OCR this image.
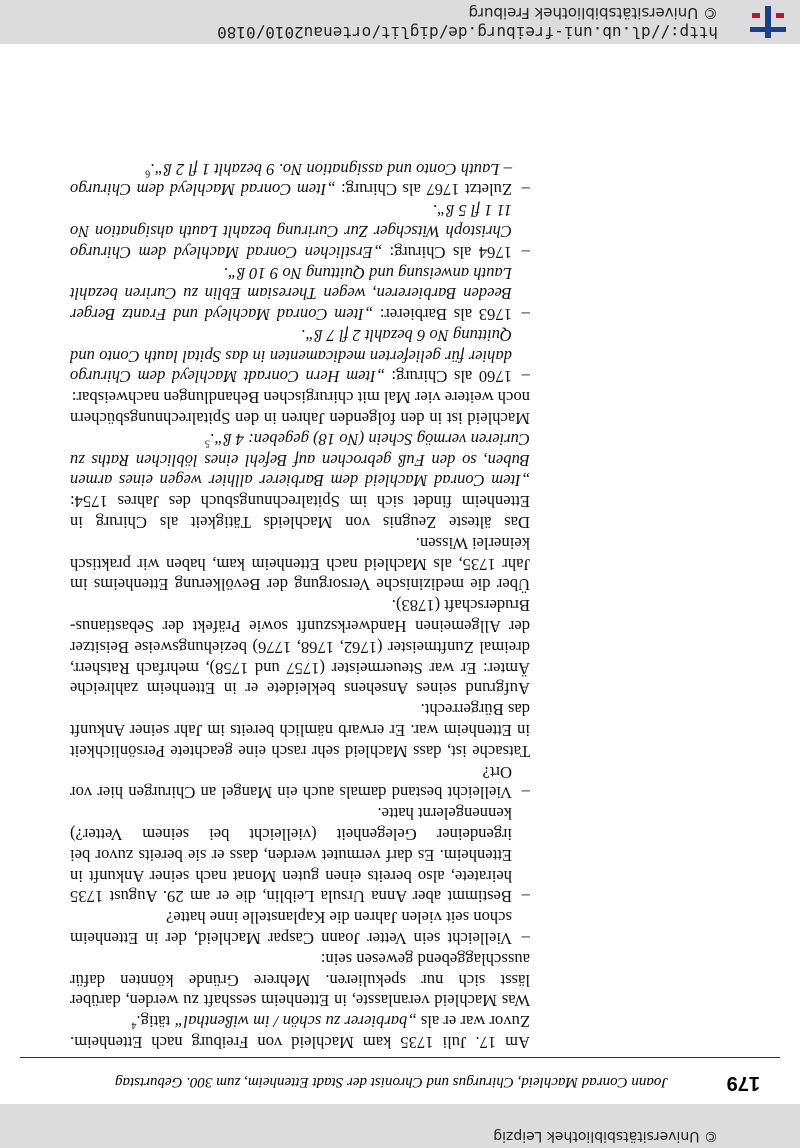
© Universitätsbibliothek Leipzig
179
Joann Conrad Machleid, Chirurgus und Chronist der Stadt Ettenheim, zum 300. Geburtstag

Am 17. Juli 1735 kam Machleid von Freiburg nach Ettenheim. Zuvor war er als „barbierer zu schön / im wißenthal“ tätig.$^4$

Was Machleid veranlasste, in Ettenheim sesshaft zu werden, darüber lässt sich nur spekulieren. Mehrere Gründe könnten dafür ausschlaggebend gewesen sein:

–
Vielleicht sein Vetter Joann Caspar Machleid, der in Ettenheim schon seit vielen Jahren die Kaplanstelle inne hatte?

–
Bestimmt aber Anna Ursula Leiblin, die er am 29. August 1735 heiratete, also bereits einen guten Monat nach seiner Ankunft in Ettenheim. Es darf vermutet werden, dass er sie bereits zuvor bei irgendeiner Gelegenheit (vielleicht bei seinem Vetter?) kennengelernt hatte.

–
Vielleicht bestand damals auch ein Mangel an Chirurgen hier vor Ort?

Tatsache ist, dass Machleid sehr rasch eine geachtete Persönlichkeit in Ettenheim war. Er erwarb nämlich bereits im Jahr seiner Ankunft das Bürgerrecht.

Aufgrund seines Ansehens bekleidete er in Ettenheim zahlreiche Ämter: Er war Steuermeister (1757 und 1758), mehrfach Ratsherr, dreimal Zunftmeister (1762, 1768, 1776) beziehungsweise Beisitzer der Allgemeinen Handwerkszunft sowie Präfekt der Sebastianus-Bruderschaft (1783).

Über die medizinische Versorgung der Bevölkerung Ettenheims im Jahr 1735, als Machleid nach Ettenheim kam, haben wir praktisch keinerlei Wissen.

Das älteste Zeugnis von Machleids Tätigkeit als Chirurg in Ettenheim findet sich im Spitalrechnungsbuch des Jahres 1754: „Item Conrad Machleid dem Barbierer allhier wegen eines armen Buben, so den Fuß gebrochen auf Befehl eines löblichen Raths zu Curieren vermög Schein (No 18) gegeben: 4 ß“.$^5$

Machleid ist in den folgenden Jahren in den Spitalrechnungsbüchern noch weitere vier Mal mit chirurgischen Behandlungen nachweisbar:

–
1760 als Chirurg: „Item Hern Conradt Machleyd dem Chirurgo dahier für gelieferten medicamenten in das Spital lauth Conto und Quittung No 6 bezahlt 2 fl 7 ß“.

–
1763 als Barbierer: „Item Conrad Machleyd und Frantz Berger Beeden Barbiereren, wegen Theresiam Eblin zu Curiren bezahlt Lauth anweisung und Quittung No 9 10 ß“.

–
1764 als Chirurg: „Erstlichen Conrad Machleyd dem Chirurgo Christoph Witschger Zur Curirung bezahlt Lauth ahsignation No 11 1 fl 5 ß“.

–
Zuletzt 1767 als Chirurg: „Item Conrad Machleyd dem Chirurgo – Lauth Conto und assignation No. 9 bezahlt 1 fl 2 ß“.$^6$

http://dl.ub.uni-freiburg.de/diglit/ortenau2010/0180
© Universitätsbibliothek Freiburg
